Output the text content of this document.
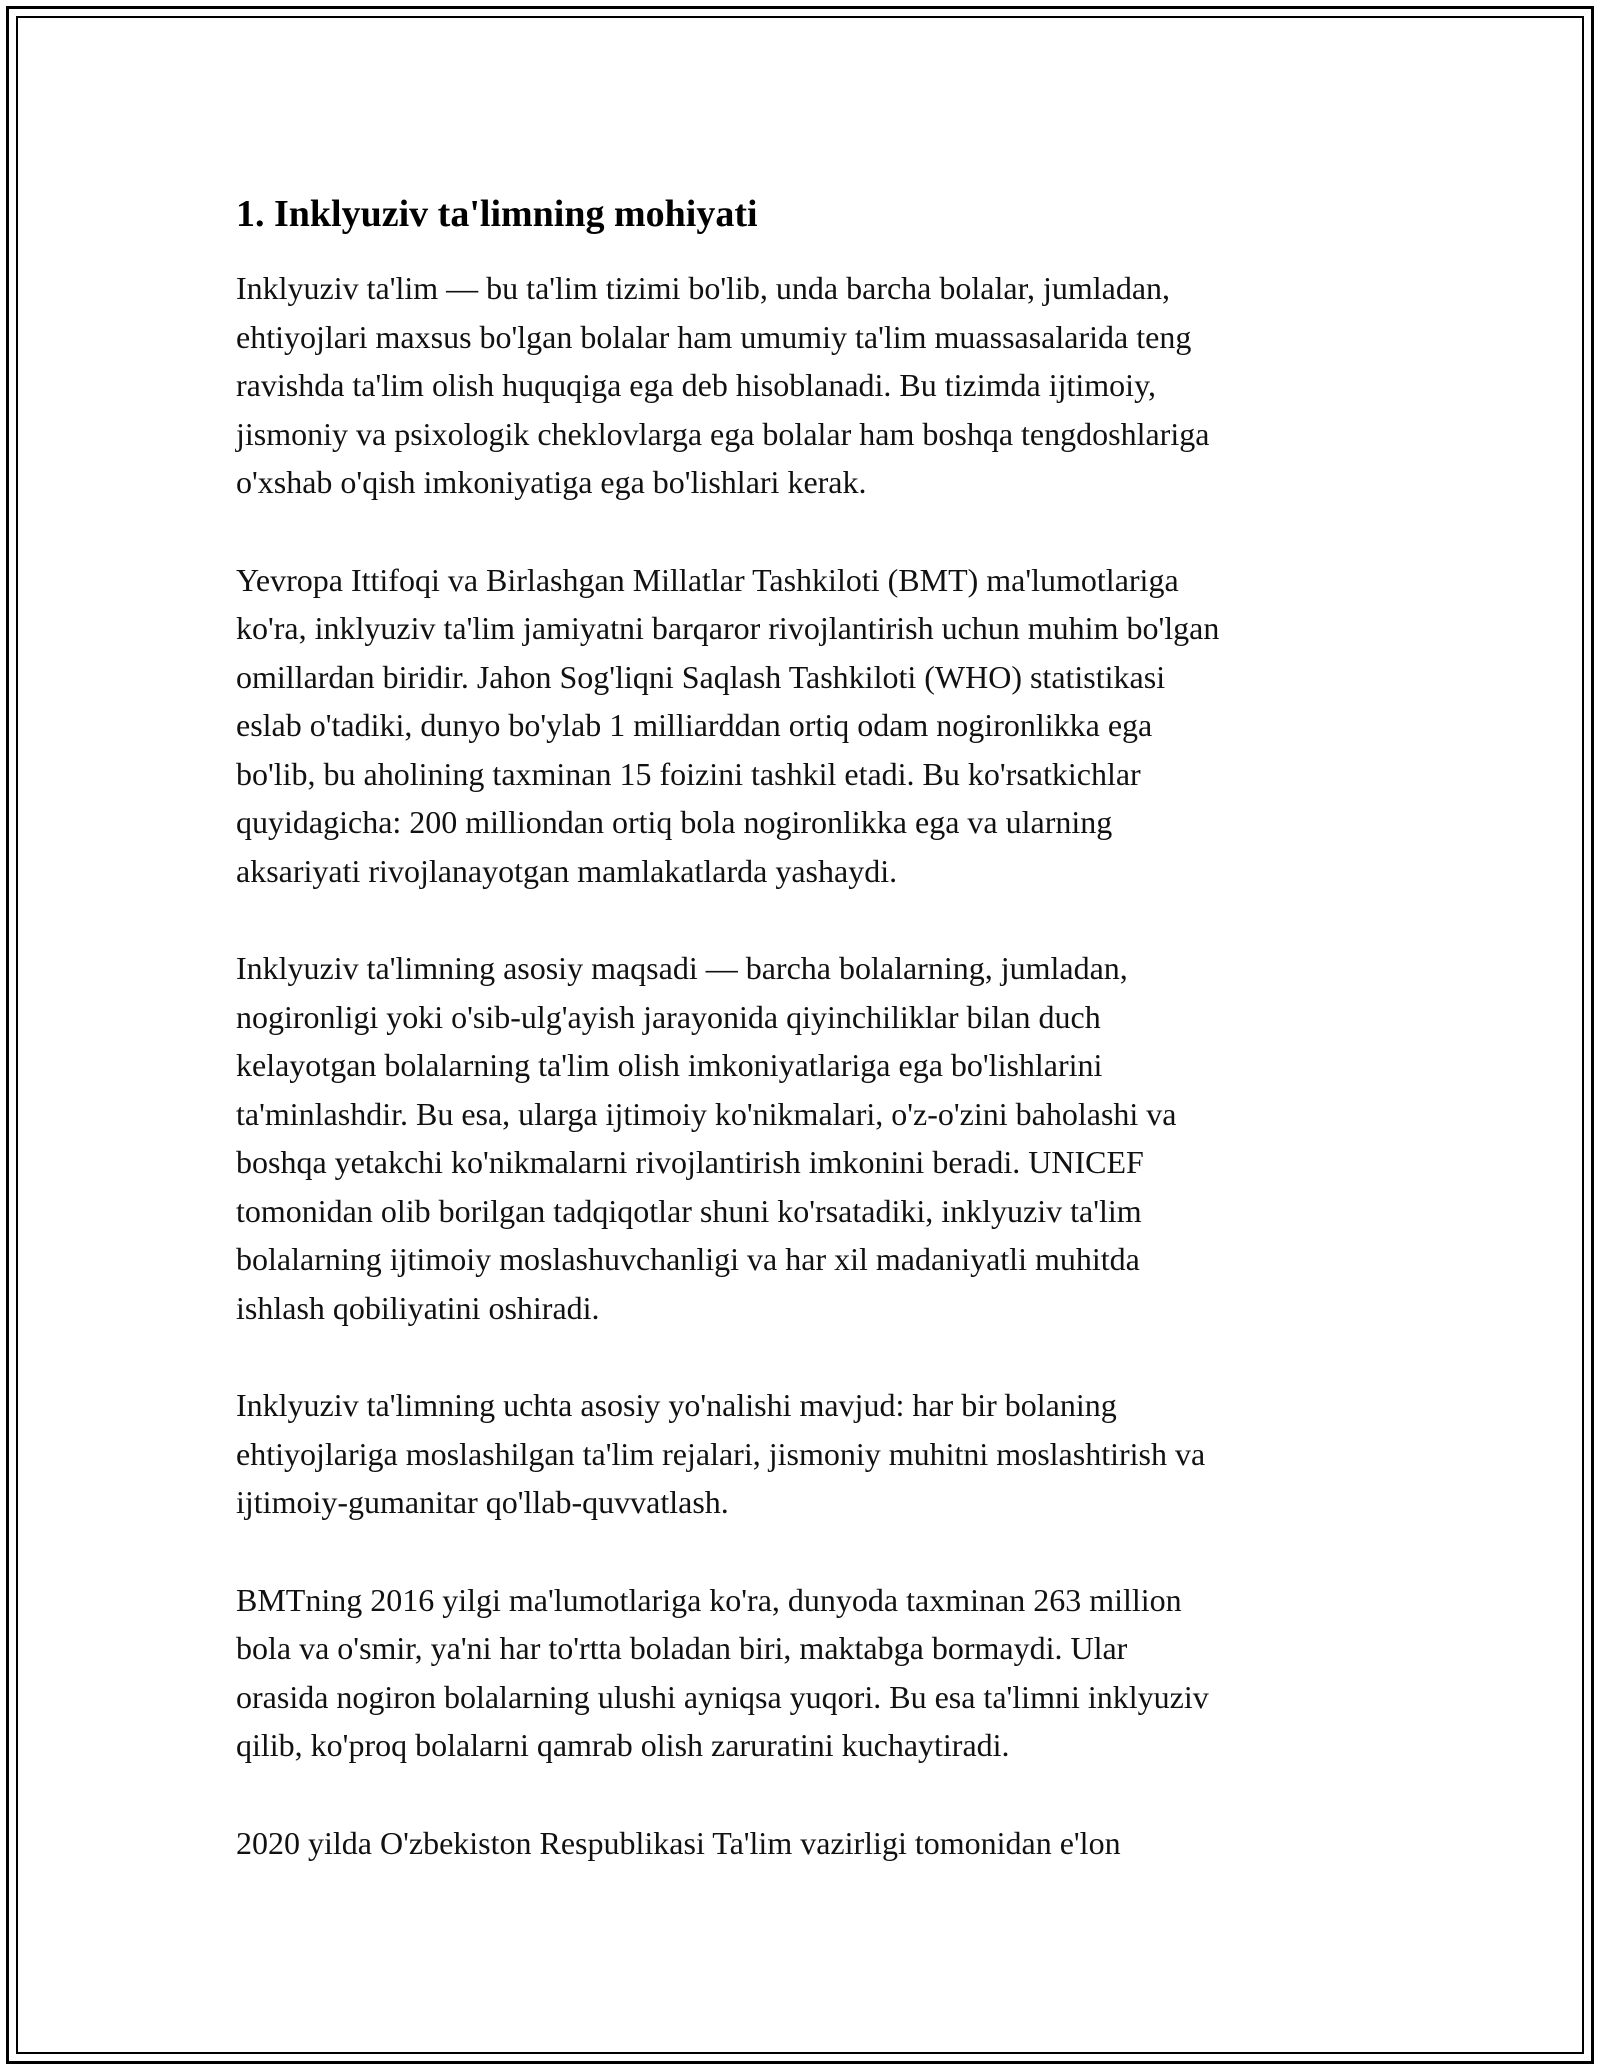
1. Inklyuziv ta'limning mohiyati

Inklyuziv ta'lim — bu ta'lim tizimi bo'lib, unda barcha bolalar, jumladan,
ehtiyojlari maxsus bo'lgan bolalar ham umumiy ta'lim muassasalarida teng
ravishda ta'lim olish huquqiga ega deb hisoblanadi. Bu tizimda ijtimoiy,
jismoniy va psixologik cheklovlarga ega bolalar ham boshqa tengdoshlariga
o'xshab o'qish imkoniyatiga ega bo'lishlari kerak.

Yevropa Ittifoqi va Birlashgan Millatlar Tashkiloti (BMT) ma'lumotlariga
ko'ra, inklyuziv ta'lim jamiyatni barqaror rivojlantirish uchun muhim bo'lgan
omillardan biridir. Jahon Sog'liqni Saqlash Tashkiloti (WHO) statistikasi
eslab o'tadiki, dunyo bo'ylab 1 milliarddan ortiq odam nogironlikka ega
bo'lib, bu aholining taxminan 15 foizini tashkil etadi. Bu ko'rsatkichlar
quyidagicha: 200 milliondan ortiq bola nogironlikka ega va ularning
aksariyati rivojlanayotgan mamlakatlarda yashaydi.

Inklyuziv ta'limning asosiy maqsadi — barcha bolalarning, jumladan,
nogironligi yoki o'sib-ulg'ayish jarayonida qiyinchiliklar bilan duch
kelayotgan bolalarning ta'lim olish imkoniyatlariga ega bo'lishlarini
ta'minlashdir. Bu esa, ularga ijtimoiy ko'nikmalari, o'z-o'zini baholashi va
boshqa yetakchi ko'nikmalarni rivojlantirish imkonini beradi. UNICEF
tomonidan olib borilgan tadqiqotlar shuni ko'rsatadiki, inklyuziv ta'lim
bolalarning ijtimoiy moslashuvchanligi va har xil madaniyatli muhitda
ishlash qobiliyatini oshiradi.

Inklyuziv ta'limning uchta asosiy yo'nalishi mavjud: har bir bolaning
ehtiyojlariga moslashilgan ta'lim rejalari, jismoniy muhitni moslashtirish va
ijtimoiy-gumanitar qo'llab-quvvatlash.

BMTning 2016 yilgi ma'lumotlariga ko'ra, dunyoda taxminan 263 million
bola va o'smir, ya'ni har to'rtta boladan biri, maktabga bormaydi. Ular
orasida nogiron bolalarning ulushi ayniqsa yuqori. Bu esa ta'limni inklyuziv
qilib, ko'proq bolalarni qamrab olish zaruratini kuchaytiradi.

2020 yilda O'zbekiston Respublikasi Ta'lim vazirligi tomonidan e'lon
